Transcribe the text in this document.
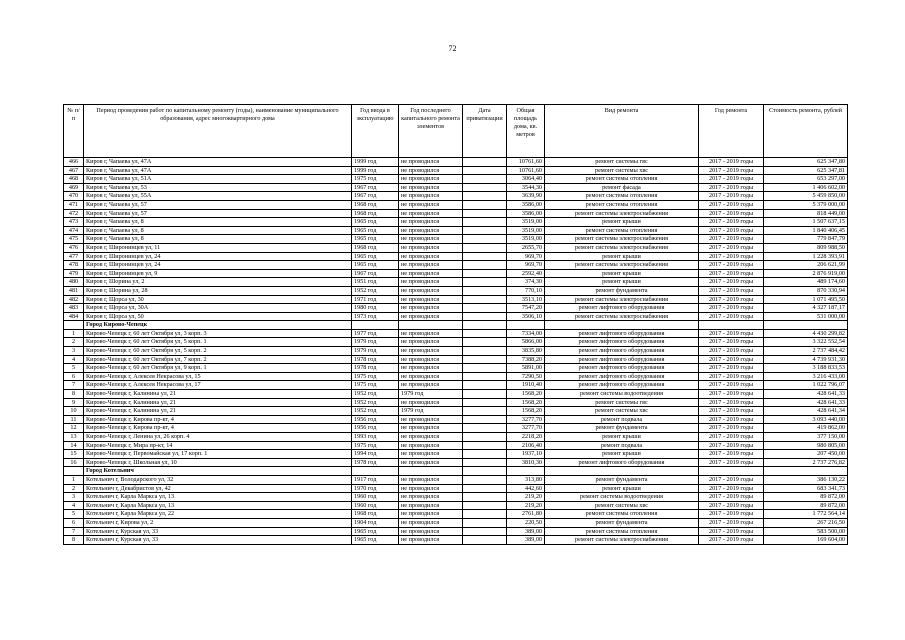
72
№ п/п	Период проведения работ по капитальному ремонту (годы), наименование муниципального образования, адрес многоквартирного дома	Год ввода в эксплуатацию	Год последнего капитального ремонта элементов	Дата приватизации	Общая площадь дома, кв. метров	Вид ремонта	Год ремонта	Стоимость ремонта, рублей
466	Киров г, Чапаева ул, 47А	1999 год	не проводился		10761,60	ремонт системы гвс	2017 - 2019 годы	625 347,80
467	Киров г, Чапаева ул, 47А	1999 год	не проводился		10761,60	ремонт системы хвс	2017 - 2019 годы	625 347,81
468	Киров г, Чапаева ул, 51А	1975 год	не проводился		3064,40	ремонт системы отопления	2017 - 2019 годы	653 297,00
469	Киров г, Чапаева ул, 53	1967 год	не проводился		3544,30	ремонт фасада	2017 - 2019 годы	1 406 602,00
470	Киров г, Чапаева ул, 55А	1967 год	не проводился		3639,90	ремонт системы отопления	2017 - 2019 годы	5 459 850,00
471	Киров г, Чапаева ул, 57	1968 год	не проводился		3586,00	ремонт системы отопления	2017 - 2019 годы	5 379 000,00
472	Киров г, Чапаева ул, 57	1968 год	не проводился		3586,00	ремонт системы электроснабжения	2017 - 2019 годы	818 449,00
473	Киров г, Чапаева ул, 8	1965 год	не проводился		3519,00	ремонт крыши	2017 - 2019 годы	1 507 637,15
474	Киров г, Чапаева ул, 8	1965 год	не проводился		3519,00	ремонт системы отопления	2017 - 2019 годы	1 840 406,45
475	Киров г, Чапаева ул, 8	1965 год	не проводился		3519,00	ремонт системы электроснабжения	2017 - 2019 годы	779 847,79
476	Киров г, Широнинцев ул, 11	1968 год	не проводился		2655,70	ремонт системы электроснабжения	2017 - 2019 годы	809 988,50
477	Киров г, Широнинцев ул, 24	1965 год	не проводился		969,70	ремонт крыши	2017 - 2019 годы	1 228 393,91
478	Киров г, Широнинцев ул, 24	1965 год	не проводился		969,70	ремонт системы электроснабжения	2017 - 2019 годы	206 621,99
479	Киров г, Широнинцев ул, 9	1967 год	не проводился		2592,40	ремонт крыши	2017 - 2019 годы	2 876 919,00
480	Киров г, Шорина ул, 2	1951 год	не проводился		374,30	ремонт крыши	2017 - 2019 годы	489 174,60
481	Киров г, Шорина ул, 28	1952 год	не проводился		770,10	ремонт фундамента	2017 - 2019 годы	870 330,94
482	Киров г, Щорса ул, 30	1971 год	не проводился		3513,10	ремонт системы электроснабжения	2017 - 2019 годы	1 071 495,50
483	Киров г, Щорса ул, 30А	1980 год	не проводился		7547,20	ремонт лифтового оборудования	2017 - 2019 годы	4 327 187,17
484	Киров г, Щорса ул, 50	1973 год	не проводился		3506,10	ремонт системы электроснабжения	2017 - 2019 годы	531 000,00
	Город Кирово-Чепецк							
1	Кирово-Чепецк г, 60 лет Октября ул, 3 корп. 3	1977 год	не проводился		7334,00	ремонт лифтового оборудования	2017 - 2019 годы	4 430 299,82
2	Кирово-Чепецк г, 60 лет Октября ул, 5 корп. 1	1979 год	не проводился		5866,00	ремонт лифтового оборудования	2017 - 2019 годы	3 322 552,54
3	Кирово-Чепецк г, 60 лет Октября ул, 5 корп. 2	1979 год	не проводился		3835,80	ремонт лифтового оборудования	2017 - 2019 годы	2 737 484,42
4	Кирово-Чепецк г, 60 лет Октября ул, 7 корп. 2	1978 год	не проводился		7388,20	ремонт лифтового оборудования	2017 - 2019 годы	4 739 931,30
5	Кирово-Чепецк г, 60 лет Октября ул, 9 корп. 1	1978 год	не проводился		5891,00	ремонт лифтового оборудования	2017 - 2019 годы	3 188 833,53
6	Кирово-Чепецк г, Алексея Некрасова ул, 15	1975 год	не проводился		7290,50	ремонт лифтового оборудования	2017 - 2019 годы	3 216 433,00
7	Кирово-Чепецк г, Алексея Некрасова ул, 17	1975 год	не проводился		1910,40	ремонт лифтового оборудования	2017 - 2019 годы	1 022 796,07
8	Кирово-Чепецк г, Калинина ул, 21	1952 год	1979 год		1568,20	ремонт системы водоотведения	2017 - 2019 годы	428 641,33
9	Кирово-Чепецк г, Калинина ул, 21	1952 год	не проводился		1568,20	ремонт системы гвс	2017 - 2019 годы	428 641,33
10	Кирово-Чепецк г, Калинина ул, 21	1952 год	1979 год		1568,20	ремонт системы хвс	2017 - 2019 годы	428 641,34
11	Кирово-Чепецк г, Кирова пр-кт, 4	1956 год	не проводился		3277,70	ремонт подвала	2017 - 2019 годы	3 093 440,00
12	Кирово-Чепецк г, Кирова пр-кт, 4	1956 год	не проводился		3277,70	ремонт фундамента	2017 - 2019 годы	419 862,00
13	Кирово-Чепецк г, Ленина ул, 26 корп. 4	1993 год	не проводился		2218,20	ремонт крыши	2017 - 2019 годы	377 150,00
14	Кирово-Чепецк г, Мира пр-кт, 14	1975 год	не проводился		2106,40	ремонт подвала	2017 - 2019 годы	980 805,00
15	Кирово-Чепецк г, Первомайская ул, 17 корп. 1	1994 год	не проводился		1937,10	ремонт крыши	2017 - 2019 годы	207 450,00
16	Кирово-Чепецк г, Школьная ул, 10	1978 год	не проводился		3810,30	ремонт лифтового оборудования	2017 - 2019 годы	2 737 276,82
	Город Котельнич							
1	Котельнич г, Володарского ул, 32	1917 год	не проводился		313,80	ремонт фундамента	2017 - 2019 годы	386 130,22
2	Котельнич г, Декабристов ул, 42	1970 год	не проводился		442,60	ремонт крыши	2017 - 2019 годы	683 341,73
3	Котельнич г, Карла Маркса ул, 13	1960 год	не проводился		219,20	ремонт системы водоотведения	2017 - 2019 годы	89 872,00
4	Котельнич г, Карла Маркса ул, 13	1960 год	не проводился		219,20	ремонт системы хвс	2017 - 2019 годы	89 872,00
5	Котельнич г, Карла Маркса ул, 22	1968 год	не проводился		2761,80	ремонт системы отопления	2017 - 2019 годы	1 772 564,14
6	Котельнич г, Кирова ул, 2	1904 год	не проводился		220,50	ремонт фундамента	2017 - 2019 годы	267 216,50
7	Котельнич г, Курская ул, 33	1965 год	не проводился		389,00	ремонт системы отопления	2017 - 2019 годы	583 500,00
8	Котельнич г, Курская ул, 33	1965 год	не проводился		389,00	ремонт системы электроснабжения	2017 - 2019 годы	169 604,00
